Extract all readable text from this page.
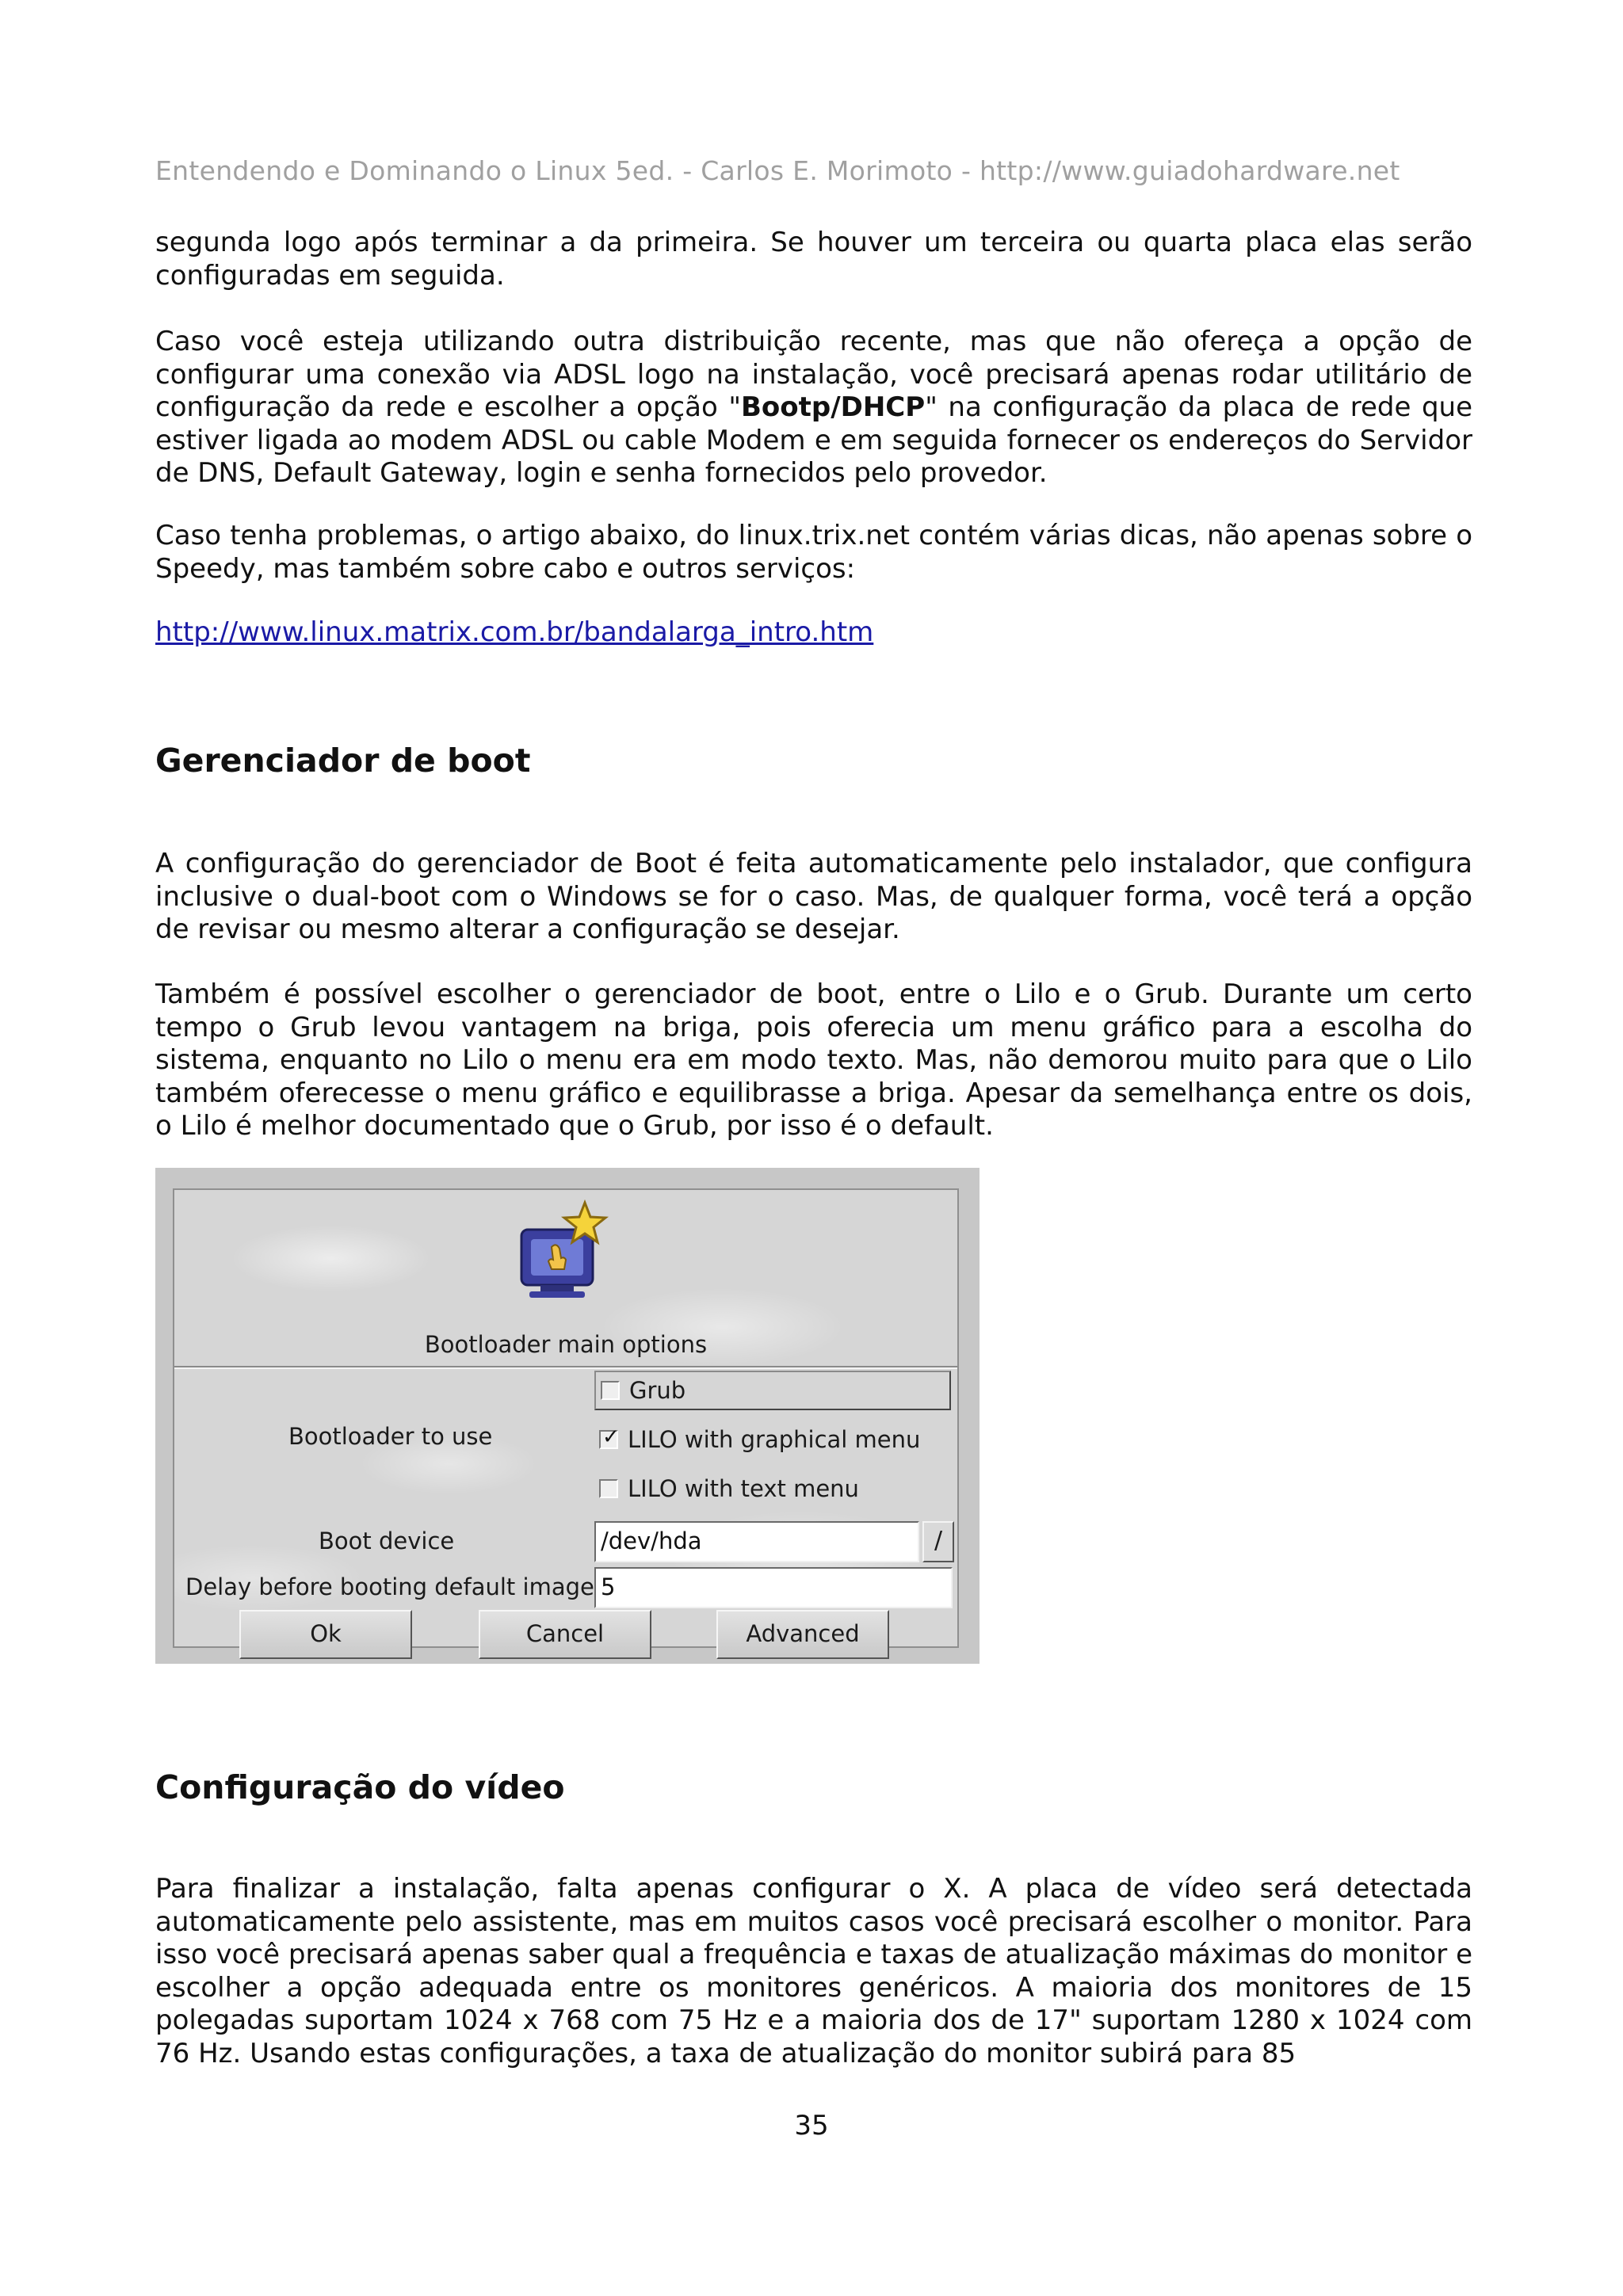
Entendendo e Dominando o Linux 5ed. - Carlos E. Morimoto - http://www.guiadohardware.net

segunda logo após terminar a da primeira. Se houver um terceira ou quarta placa elas serão configuradas em seguida.

Caso você esteja utilizando outra distribuição recente, mas que não ofereça a opção de configurar uma conexão via ADSL logo na instalação, você precisará apenas rodar utilitário de configuração da rede e escolher a opção "Bootp/DHCP" na configuração da placa de rede que estiver ligada ao modem ADSL ou cable Modem e em seguida fornecer os endereços do Servidor de DNS, Default Gateway, login e senha fornecidos pelo provedor.

Caso tenha problemas, o artigo abaixo, do linux.trix.net contém várias dicas, não apenas sobre o Speedy, mas também sobre cabo e outros serviços:

http://www.linux.matrix.com.br/bandalarga_intro.htm
Gerenciador de boot

A configuração do gerenciador de Boot é feita automaticamente pelo instalador, que configura inclusive o dual-boot com o Windows se for o caso. Mas, de qualquer forma, você terá a opção de revisar ou mesmo alterar a configuração se desejar.

Também é possível escolher o gerenciador de boot, entre o Lilo e o Grub. Durante um certo tempo o Grub levou vantagem na briga, pois oferecia um menu gráfico para a escolha do sistema, enquanto no Lilo o menu era em modo texto. Mas, não demorou muito para que o Lilo também oferecesse o menu gráfico e equilibrasse a briga. Apesar da semelhança entre os dois, o Lilo é melhor documentado que o Grub, por isso é o default.

Bootloader main options
Bootloader to use
Grub
✓ LILO with graphical menu
LILO with text menu
Boot device	/dev/hda	/
Delay before booting default image 5
Ok	Cancel	Advanced
Configuração do vídeo

Para finalizar a instalação, falta apenas configurar o X. A placa de vídeo será detectada automaticamente pelo assistente, mas em muitos casos você precisará escolher o monitor. Para isso você precisará apenas saber qual a frequência e taxas de atualização máximas do monitor e escolher a opção adequada entre os monitores genéricos. A maioria dos monitores de 15 polegadas suportam 1024 x 768 com 75 Hz e a maioria dos de 17" suportam 1280 x 1024 com 76 Hz. Usando estas configurações, a taxa de atualização do monitor subirá para 85

35
